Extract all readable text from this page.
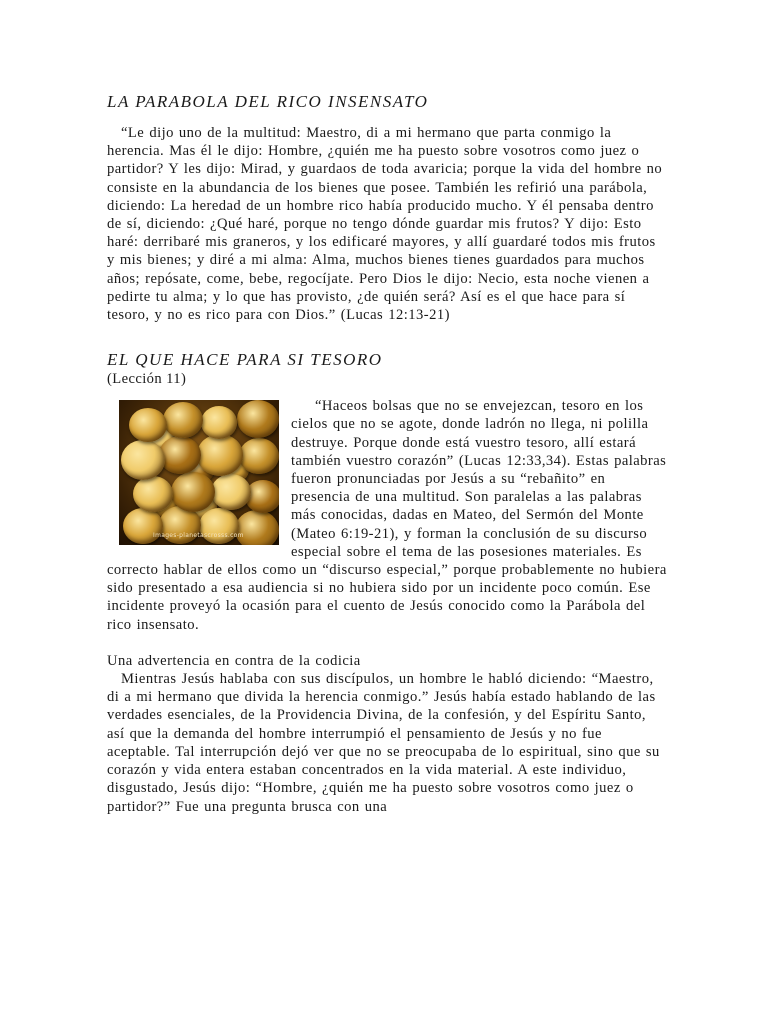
LA PARABOLA DEL RICO INSENSATO

“Le dijo uno de la multitud: Maestro, di a mi hermano que parta conmigo la herencia. Mas él le dijo: Hombre, ¿quién me ha puesto sobre vosotros como juez o partidor? Y les dijo: Mirad, y guardaos de toda avaricia; porque la vida del hombre no consiste en la abundancia de los bienes que posee. También les refirió una parábola, diciendo: La heredad de un hombre rico había producido mucho. Y él pensaba dentro de sí, diciendo: ¿Qué haré, porque no tengo dónde guardar mis frutos? Y dijo: Esto haré: derribaré mis graneros, y los edificaré mayores, y allí guardaré todos mis frutos y mis bienes; y diré a mi alma: Alma, muchos bienes tienes guardados para muchos años; repósate, come, bebe, regocíjate. Pero Dios le dijo: Necio, esta noche vienen a pedirte tu alma; y lo que has provisto, ¿de quién será? Así es el que hace para sí tesoro, y no es rico para con Dios.” (Lucas 12:13-21)

EL QUE HACE PARA SI TESORO
(Lección 11)
Images-planetascrosss.com

“Haceos bolsas que no se envejezcan, tesoro en los cielos que no se agote, donde ladrón no llega, ni polilla destruye. Porque donde está vuestro tesoro, allí estará también vuestro corazón” (Lucas 12:33,34). Estas palabras fueron pronunciadas por Jesús a su “rebañito” en presencia de una multitud. Son paralelas a las palabras más conocidas, dadas en Mateo, del Sermón del Monte (Mateo 6:19-21), y forman la conclusión de su discurso especial sobre el tema de las posesiones materiales. Es correcto hablar de ellos como un “discurso especial,” porque probablemente no hubiera sido presentado a esa audiencia si no hubiera sido por un incidente poco común. Ese incidente proveyó la ocasión para el cuento de Jesús conocido como la Parábola del rico insensato.

Una advertencia en contra de la codicia

Mientras Jesús hablaba con sus discípulos, un hombre le habló diciendo: “Maestro, di a mi hermano que divida la herencia conmigo.” Jesús había estado hablando de las verdades esenciales, de la Providencia Divina, de la confesión, y del Espíritu Santo, así que la demanda del hombre interrumpió el pensamiento de Jesús y no fue aceptable. Tal interrupción dejó ver que no se preocupaba de lo espiritual, sino que su corazón y vida entera estaban concentrados en la vida material. A este individuo, disgustado, Jesús dijo: “Hombre, ¿quién me ha puesto sobre vosotros como juez o partidor?” Fue una pregunta brusca con una
